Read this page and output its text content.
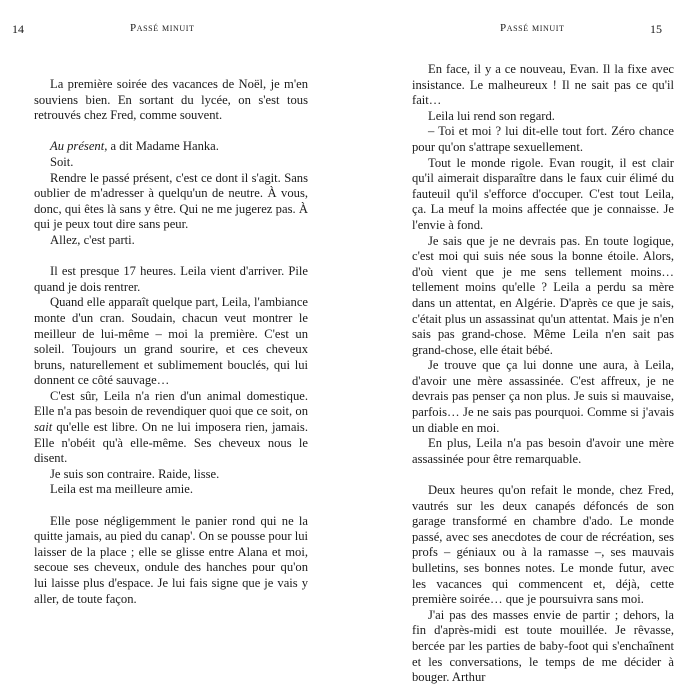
14	Passé minuit

La première soirée des vacances de Noël, je m'en souviens bien. En sortant du lycée, on s'est tous retrouvés chez Fred, comme souvent.

Au présent, a dit Madame Hanka.

Soit.

Rendre le passé présent, c'est ce dont il s'agit. Sans oublier de m'adresser à quelqu'un de neutre. À vous, donc, qui êtes là sans y être. Qui ne me jugerez pas. À qui je peux tout dire sans peur.

Allez, c'est parti.

Il est presque 17 heures. Leila vient d'arriver. Pile quand je dois rentrer.

Quand elle apparaît quelque part, Leila, l'ambiance monte d'un cran. Soudain, chacun veut montrer le meilleur de lui-même – moi la première. C'est un soleil. Toujours un grand sourire, et ces cheveux bruns, naturellement et sublimement bouclés, qui lui donnent ce côté sauvage…

C'est sûr, Leila n'a rien d'un animal domestique. Elle n'a pas besoin de revendiquer quoi que ce soit, on sait qu'elle est libre. On ne lui imposera rien, jamais. Elle n'obéit qu'à elle-même. Ses cheveux nous le disent.

Je suis son contraire. Raide, lisse.

Leila est ma meilleure amie.

Elle pose négligemment le panier rond qui ne la quitte jamais, au pied du canap'. On se pousse pour lui laisser de la place ; elle se glisse entre Alana et moi, secoue ses cheveux, ondule des hanches pour qu'on lui laisse plus d'espace. Je lui fais signe que je vais y aller, de toute façon.

Passé minuit	15

En face, il y a ce nouveau, Evan. Il la fixe avec insistance. Le malheureux ! Il ne sait pas ce qu'il fait…

Leila lui rend son regard.

– Toi et moi ? lui dit-elle tout fort. Zéro chance pour qu'on s'attrape sexuellement.

Tout le monde rigole. Evan rougit, il est clair qu'il aimerait disparaître dans le faux cuir élimé du fauteuil qu'il s'efforce d'occuper. C'est tout Leila, ça. La meuf la moins affectée que je connaisse. Je l'envie à fond.

Je sais que je ne devrais pas. En toute logique, c'est moi qui suis née sous la bonne étoile. Alors, d'où vient que je me sens tellement moins… tellement moins qu'elle ? Leila a perdu sa mère dans un attentat, en Algérie. D'après ce que je sais, c'était plus un assassinat qu'un attentat. Mais je n'en sais pas grand-chose. Même Leila n'en sait pas grand-chose, elle était bébé.

Je trouve que ça lui donne une aura, à Leila, d'avoir une mère assassinée. C'est affreux, je ne devrais pas penser ça non plus. Je suis si mauvaise, parfois… Je ne sais pas pourquoi. Comme si j'avais un diable en moi.

En plus, Leila n'a pas besoin d'avoir une mère assassinée pour être remarquable.

Deux heures qu'on refait le monde, chez Fred, vautrés sur les deux canapés défoncés de son garage transformé en chambre d'ado. Le monde passé, avec ses anecdotes de cour de récréation, ses profs – géniaux ou à la ramasse –, ses mauvais bulletins, ses bonnes notes. Le monde futur, avec les vacances qui commencent et, déjà, cette première soirée… que je poursuivra sans moi.

J'ai pas des masses envie de partir ; dehors, la fin d'après-midi est toute mouillée. Je rêvasse, bercée par les parties de baby-foot qui s'enchaînent et les conversations, le temps de me décider à bouger. Arthur
